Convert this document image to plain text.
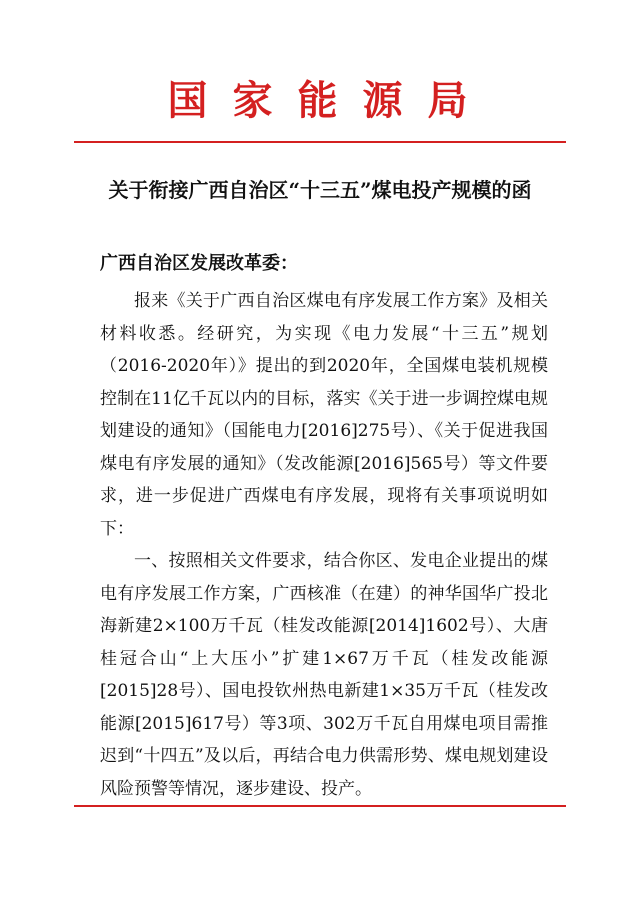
国家能源局
关于衔接广西自治区“十三五”煤电投产规模的函
广西自治区发展改革委：

报来《关于广西自治区煤电有序发展工作方案》及相关材料收悉。经研究，为实现《电力发展“十三五”规划（2016-2020年）》提出的到2020年，全国煤电装机规模控制在11亿千瓦以内的目标，落实《关于进一步调控煤电规划建设的通知》（国能电力[2016]275号）、《关于促进我国煤电有序发展的通知》（发改能源[2016]565号）等文件要求，进一步促进广西煤电有序发展，现将有关事项说明如下：

一、按照相关文件要求，结合你区、发电企业提出的煤电有序发展工作方案，广西核准（在建）的神华国华广投北海新建2×100万千瓦（桂发改能源[2014]1602号）、大唐桂冠合山“上大压小”扩建1×67万千瓦（桂发改能源[2015]28号）、国电投钦州热电新建1×35万千瓦（桂发改能源[2015]617号）等3项、302万千瓦自用煤电项目需推迟到“十四五”及以后，再结合电力供需形势、煤电规划建设风险预警等情况，逐步建设、投产。
